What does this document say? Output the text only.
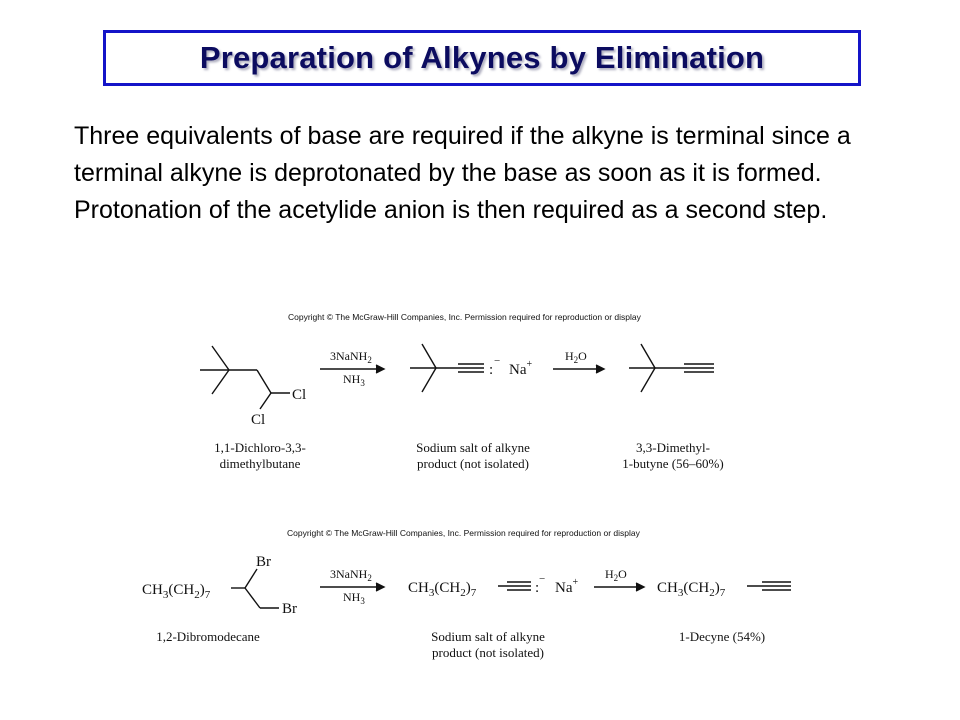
Preparation of Alkynes by Elimination

Three equivalents of base are required if the alkyne is terminal since a terminal alkyne is deprotonated by the base as soon as it is formed.

Protonation of the acetylide anion is then required as a second step.

Copyright © The McGraw-Hill Companies, Inc. Permission required for reproduction or display
Copyright © The McGraw-Hill Companies, Inc. Permission required for reproduction or display
Cl
Cl
3NaNH$_2$
$NH_3$
:
−
Na+
$H_2O$
1,1-Dichloro-3,3-
dimethylbutane
Sodium salt of alkyne
product (not isolated)
3,3-Dimethyl-
1-butyne (56–60%)
$CH_3(CH_2)_7$
Br
Br
3NaNH$_2$
$NH_3$
$CH_3(CH_2)_7$	:
−
Na+
$H_2O$
$CH_3(CH_2)_7$
1,2-Dibromodecane	Sodium salt of alkyne
product (not isolated)
1-Decyne (54%)
